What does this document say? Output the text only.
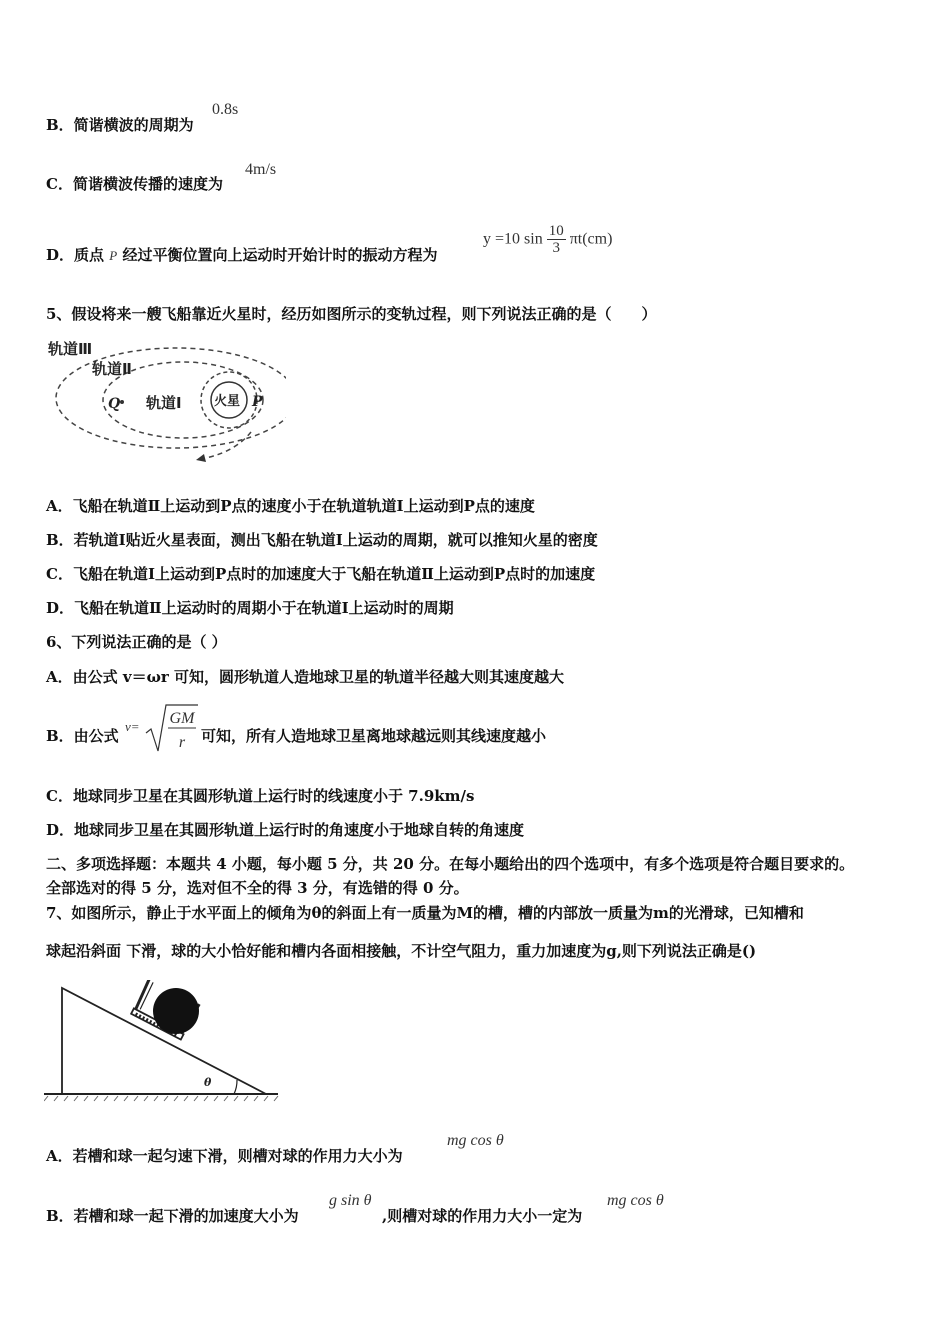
B．简谐横波的周期为
0.8s
C．简谐横波传播的速度为
4m/s
D．质点 P 经过平衡位置向上运动时开始计时的振动方程为
y =10 $\sin \frac{10}{3} \pi t(cm)$
5、假设将来一艘飞船靠近火星时，经历如图所示的变轨过程，则下列说法正确的是（　　）
轨道Ⅲ
轨道Ⅱ
轨道Ⅰ 火星 P
Q
A．飞船在轨道Ⅱ上运动到P点的速度小于在轨道轨道Ⅰ上运动到P点的速度
B．若轨道I贴近火星表面，测出飞船在轨道I上运动的周期，就可以推知火星的密度
C．飞船在轨道I上运动到P点时的加速度大于飞船在轨道Ⅱ上运动到P点时的加速度
D．飞船在轨道Ⅱ上运动时的周期小于在轨道I上运动时的周期
6、下列说法正确的是（ ）
A．由公式 v＝ωr 可知，圆形轨道人造地球卫星的轨道半径越大则其速度越大
B．由公式
v= GM
r 可知，所有人造地球卫星离地球越远则其线速度越小
C．地球同步卫星在其圆形轨道上运行时的线速度小于 7.9km/s
D．地球同步卫星在其圆形轨道上运行时的角速度小于地球自转的角速度
二、多项选择题：本题共 4 小题，每小题 5 分，共 20 分。在每小题给出的四个选项中，有多个选项是符合题目要求的。
全部选对的得 5 分，选对但不全的得 3 分，有选错的得 0 分。
7、如图所示，静止于水平面上的倾角为θ的斜面上有一质量为M的槽，槽的内部放一质量为m的光滑球，已知槽和
球起沿斜面 下滑，球的大小恰好能和槽内各面相接触，不计空气阻力，重力加速度为g,则下列说法正确是()
θ
A．若槽和球一起匀速下滑，则槽对球的作用力大小为
mg cos θ
B．若槽和球一起下滑的加速度大小为
g sin θ
,则槽对球的作用力大小一定为
mg cos θ
